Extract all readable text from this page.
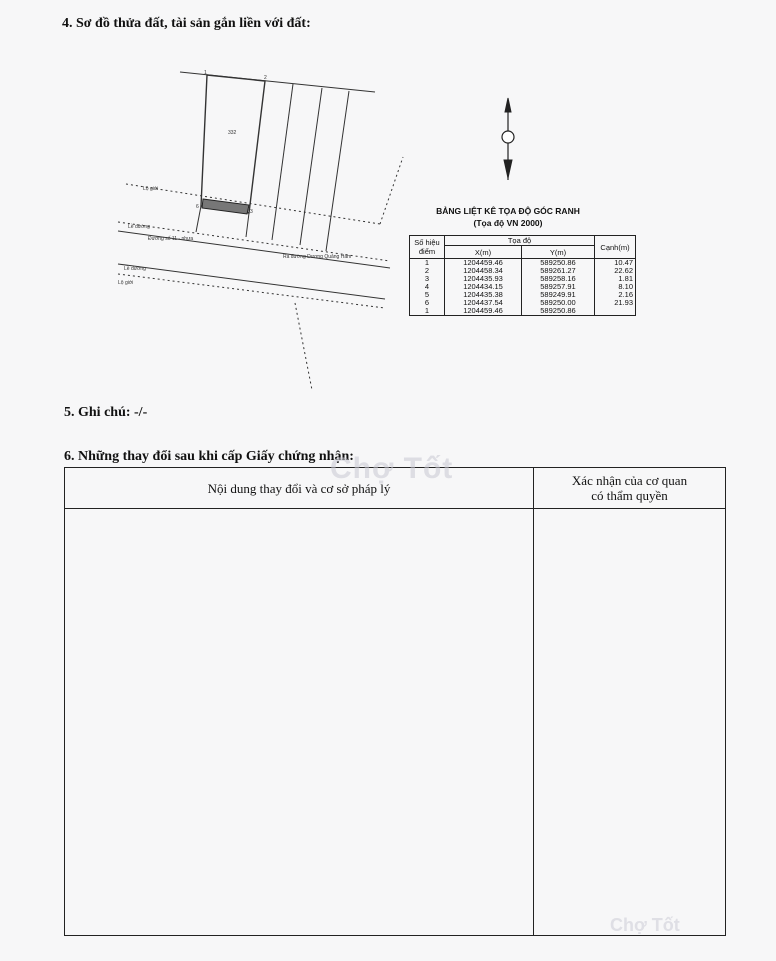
4. Sơ đồ thửa đất, tài sản gắn liền với đất:
332
Lộ giới
Lề đường
Đường số 11 - nhựa
Ra đường Dương Quảng Hàm
Lề đường
Lộ giới
1
2
3
6	BẢNG LIỆT KÊ TỌA ĐỘ GÓC RANH
(Tọa độ VN 2000)
Số hiệu điểm	Tọa độ		Cạnh(m)
	X(m)	Y(m)	
1	1204459.46	589250.86	10.47
2	1204458.34	589261.27	22.62
3	1204435.93	589258.16	1.81
4	1204434.15	589257.91	8.10
5	1204435.38	589249.91	2.16
6	1204437.54	589250.00	21.93
1	1204459.46	589250.86	
5. Ghi chú: -/-
6. Những thay đổi sau khi cấp Giấy chứng nhận:
Nội dung thay đổi và cơ sở pháp lý	Xác nhận của cơ quan
có thẩm quyền

Chợ Tốt
Chợ Tốt
